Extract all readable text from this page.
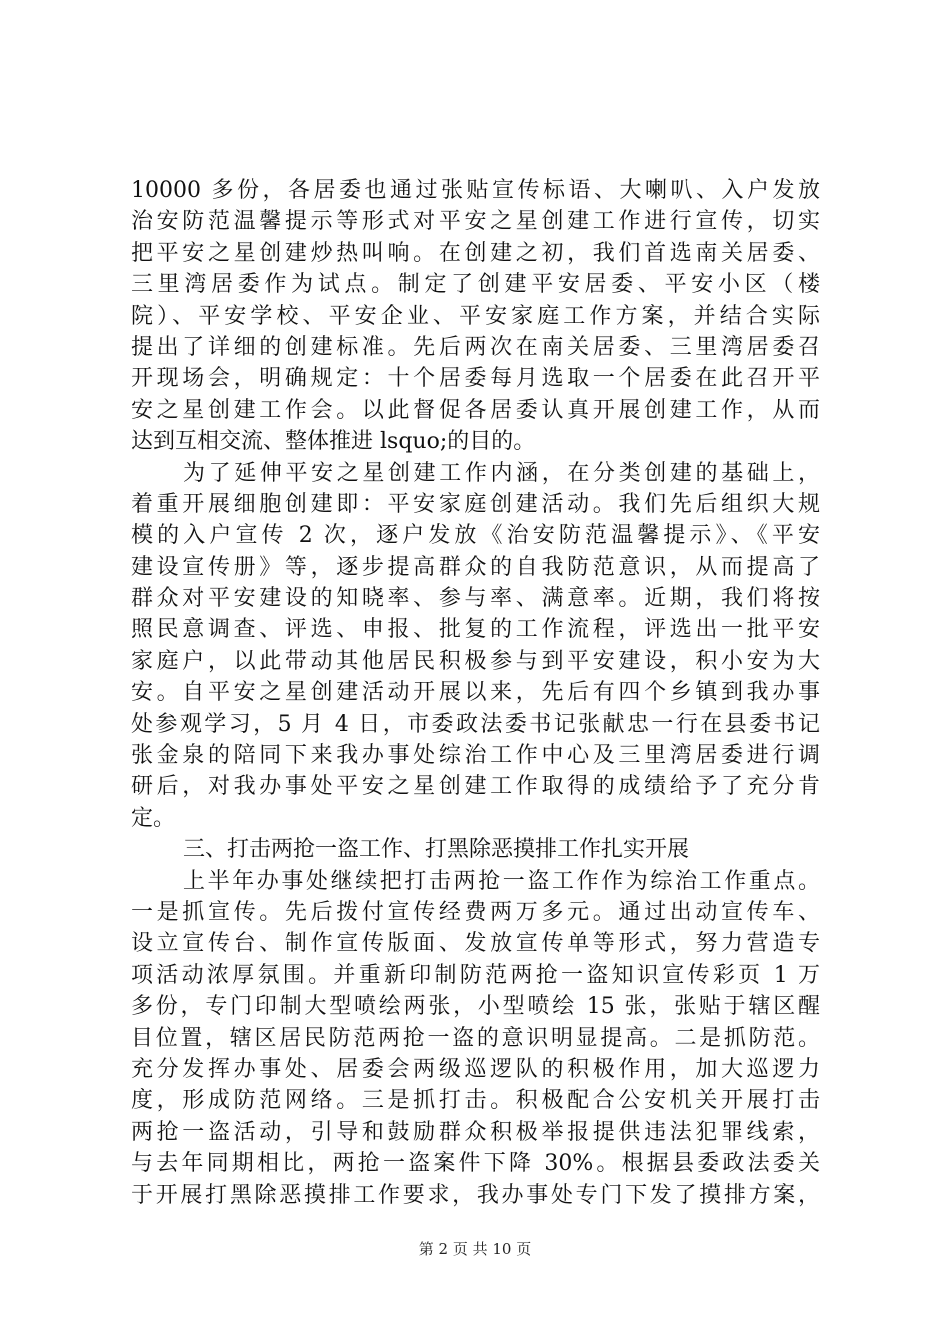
10000 多份，各居委也通过张贴宣传标语、大喇叭、入户发放
治安防范温馨提示等形式对平安之星创建工作进行宣传，切实
把平安之星创建炒热叫响。在创建之初，我们首选南关居委、
三里湾居委作为试点。制定了创建平安居委、平安小区（楼
院）、平安学校、平安企业、平安家庭工作方案，并结合实际
提出了详细的创建标准。先后两次在南关居委、三里湾居委召
开现场会，明确规定：十个居委每月选取一个居委在此召开平
安之星创建工作会。以此督促各居委认真开展创建工作，从而
达到互相交流、整体推进 lsquo;的目的。
为了延伸平安之星创建工作内涵，在分类创建的基础上，
着重开展细胞创建即：平安家庭创建活动。我们先后组织大规
模的入户宣传 2 次，逐户发放《治安防范温馨提示》、《平安
建设宣传册》等，逐步提高群众的自我防范意识，从而提高了
群众对平安建设的知晓率、参与率、满意率。近期，我们将按
照民意调查、评选、申报、批复的工作流程，评选出一批平安
家庭户，以此带动其他居民积极参与到平安建设，积小安为大
安。自平安之星创建活动开展以来，先后有四个乡镇到我办事
处参观学习，5 月 4 日，市委政法委书记张献忠一行在县委书记
张金泉的陪同下来我办事处综治工作中心及三里湾居委进行调
研后，对我办事处平安之星创建工作取得的成绩给予了充分肯
定。
三、打击两抢一盗工作、打黑除恶摸排工作扎实开展
上半年办事处继续把打击两抢一盗工作作为综治工作重点。
一是抓宣传。先后拨付宣传经费两万多元。通过出动宣传车、
设立宣传台、制作宣传版面、发放宣传单等形式，努力营造专
项活动浓厚氛围。并重新印制防范两抢一盗知识宣传彩页 1 万
多份，专门印制大型喷绘两张，小型喷绘 15 张，张贴于辖区醒
目位置，辖区居民防范两抢一盗的意识明显提高。二是抓防范。
充分发挥办事处、居委会两级巡逻队的积极作用，加大巡逻力
度，形成防范网络。三是抓打击。积极配合公安机关开展打击
两抢一盗活动，引导和鼓励群众积极举报提供违法犯罪线索，
与去年同期相比，两抢一盗案件下降 30%。根据县委政法委关
于开展打黑除恶摸排工作要求，我办事处专门下发了摸排方案，
第 2 页 共 10 页
